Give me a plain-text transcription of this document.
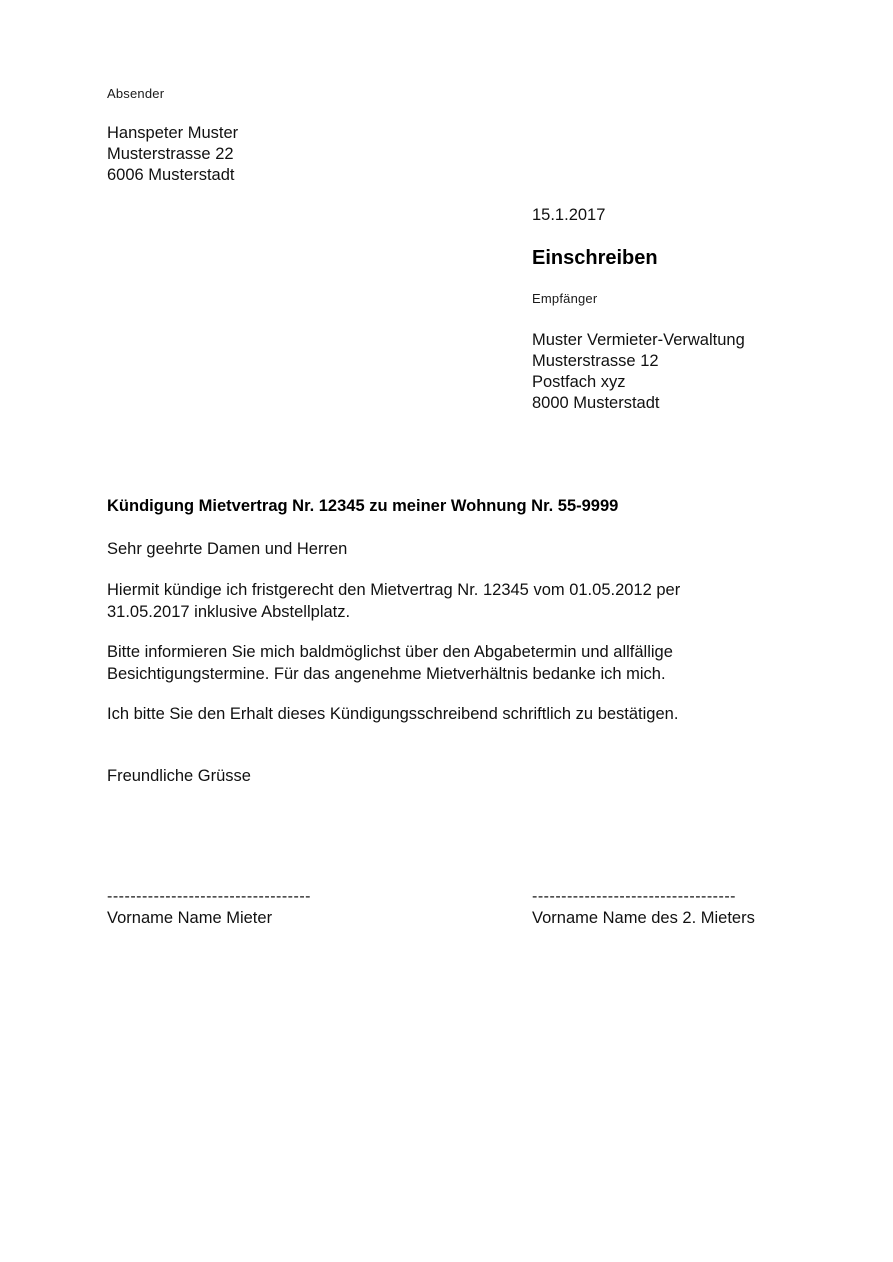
Absender
Hanspeter Muster
Musterstrasse 22
6006 Musterstadt
15.1.2017
Einschreiben
Empfänger
Muster Vermieter-Verwaltung
Musterstrasse 12
Postfach xyz
8000 Musterstadt
Kündigung Mietvertrag Nr. 12345 zu meiner Wohnung Nr. 55-9999
Sehr geehrte Damen und Herren
Hiermit kündige ich fristgerecht den Mietvertrag Nr. 12345 vom 01.05.2012 per 31.05.2017 inklusive Abstellplatz.
Bitte informieren Sie mich baldmöglichst über den Abgabetermin und allfällige Besichtigungstermine. Für das angenehme Mietverhältnis bedanke ich mich.
Ich bitte Sie den Erhalt dieses Kündigungsschreibend schriftlich zu bestätigen.
Freundliche Grüsse
-----------------------------------
Vorname Name Mieter
-----------------------------------
Vorname Name des 2. Mieters
